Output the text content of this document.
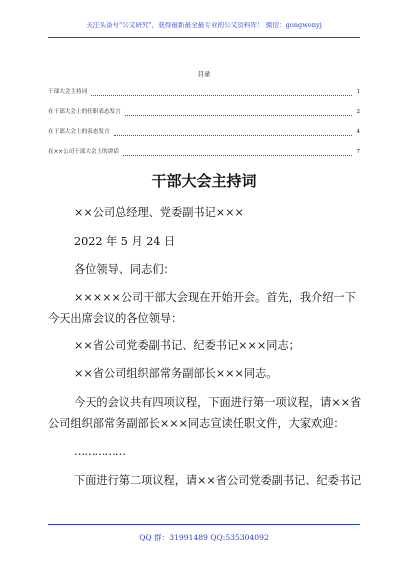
关注头条号"公文研究"，获得最新最全最专业的公文资料库！ 微信：gongwenyj
目录
干部大会主持词	1
在干部大会上的任职表态发言	2
在干部大会上的表态发言	4
在××公司干部大会上的讲话	7
干部大会主持词
××公司总经理、党委副书记×××
2022 年 5 月 24 日
各位领导、同志们：
×××××公司干部大会现在开始开会。首先，我介绍一下
今天出席会议的各位领导：
××省公司党委副书记、纪委书记×××同志；
××省公司组织部常务副部长×××同志。
今天的会议共有四项议程，下面进行第一项议程，请××省
公司组织部常务副部长×××同志宣读任职文件，大家欢迎：
……………
下面进行第二项议程，请××省公司党委副书记、纪委书记
QQ 群：31991489 QQ:535304092
